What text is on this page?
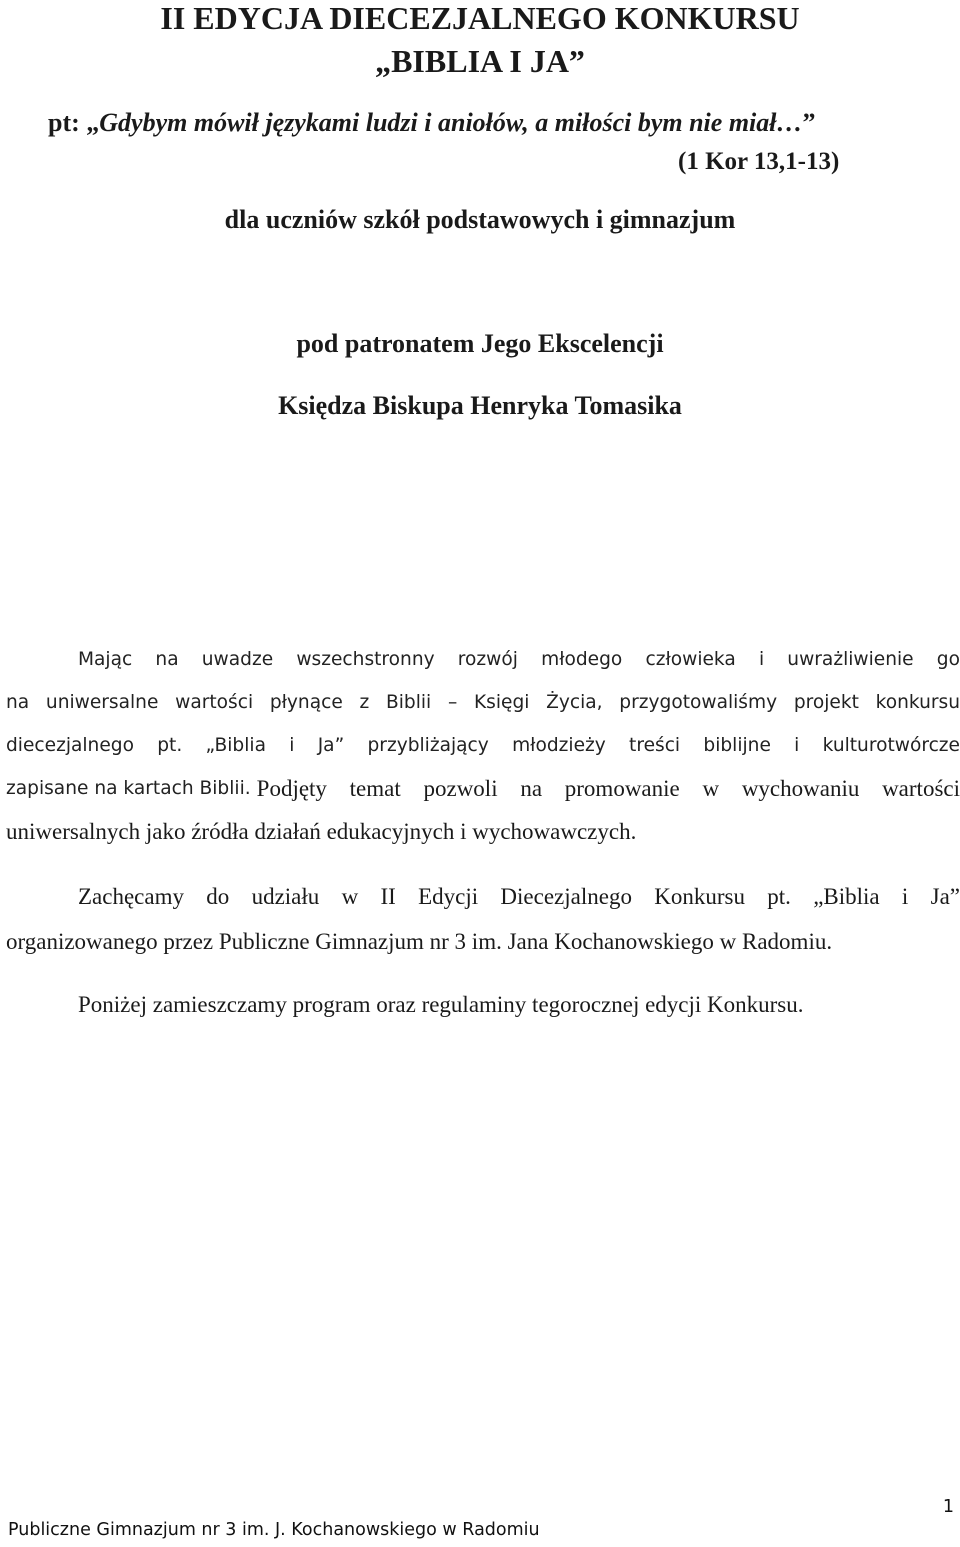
II EDYCJA DIECEZJALNEGO KONKURSU
„BIBLIA I JA”
pt: „Gdybym mówił językami ludzi i aniołów, a miłości bym nie miał…”
(1 Kor 13,1-13)
dla uczniów szkół podstawowych i gimnazjum
pod patronatem Jego Ekscelencji
Księdza Biskupa Henryka Tomasika
Mając na uwadze wszechstronny rozwój młodego człowieka i uwrażliwienie go
na uniwersalne wartości płynące z Biblii – Księgi Życia, przygotowaliśmy projekt konkursu
diecezjalnego pt. „Biblia i Ja” przybliżający młodzieży treści biblijne i kulturotwórcze
zapisane na kartach Biblii. Podjęty temat pozwoli na promowanie w wychowaniu wartości
uniwersalnych jako źródła działań edukacyjnych i wychowawczych.
Zachęcamy do udziału w II Edycji Diecezjalnego Konkursu pt. „Biblia i Ja”
organizowanego przez Publiczne Gimnazjum nr 3 im. Jana Kochanowskiego w Radomiu.
Poniżej zamieszczamy program oraz regulaminy tegorocznej edycji Konkursu.
1
Publiczne Gimnazjum nr 3 im. J. Kochanowskiego w Radomiu
